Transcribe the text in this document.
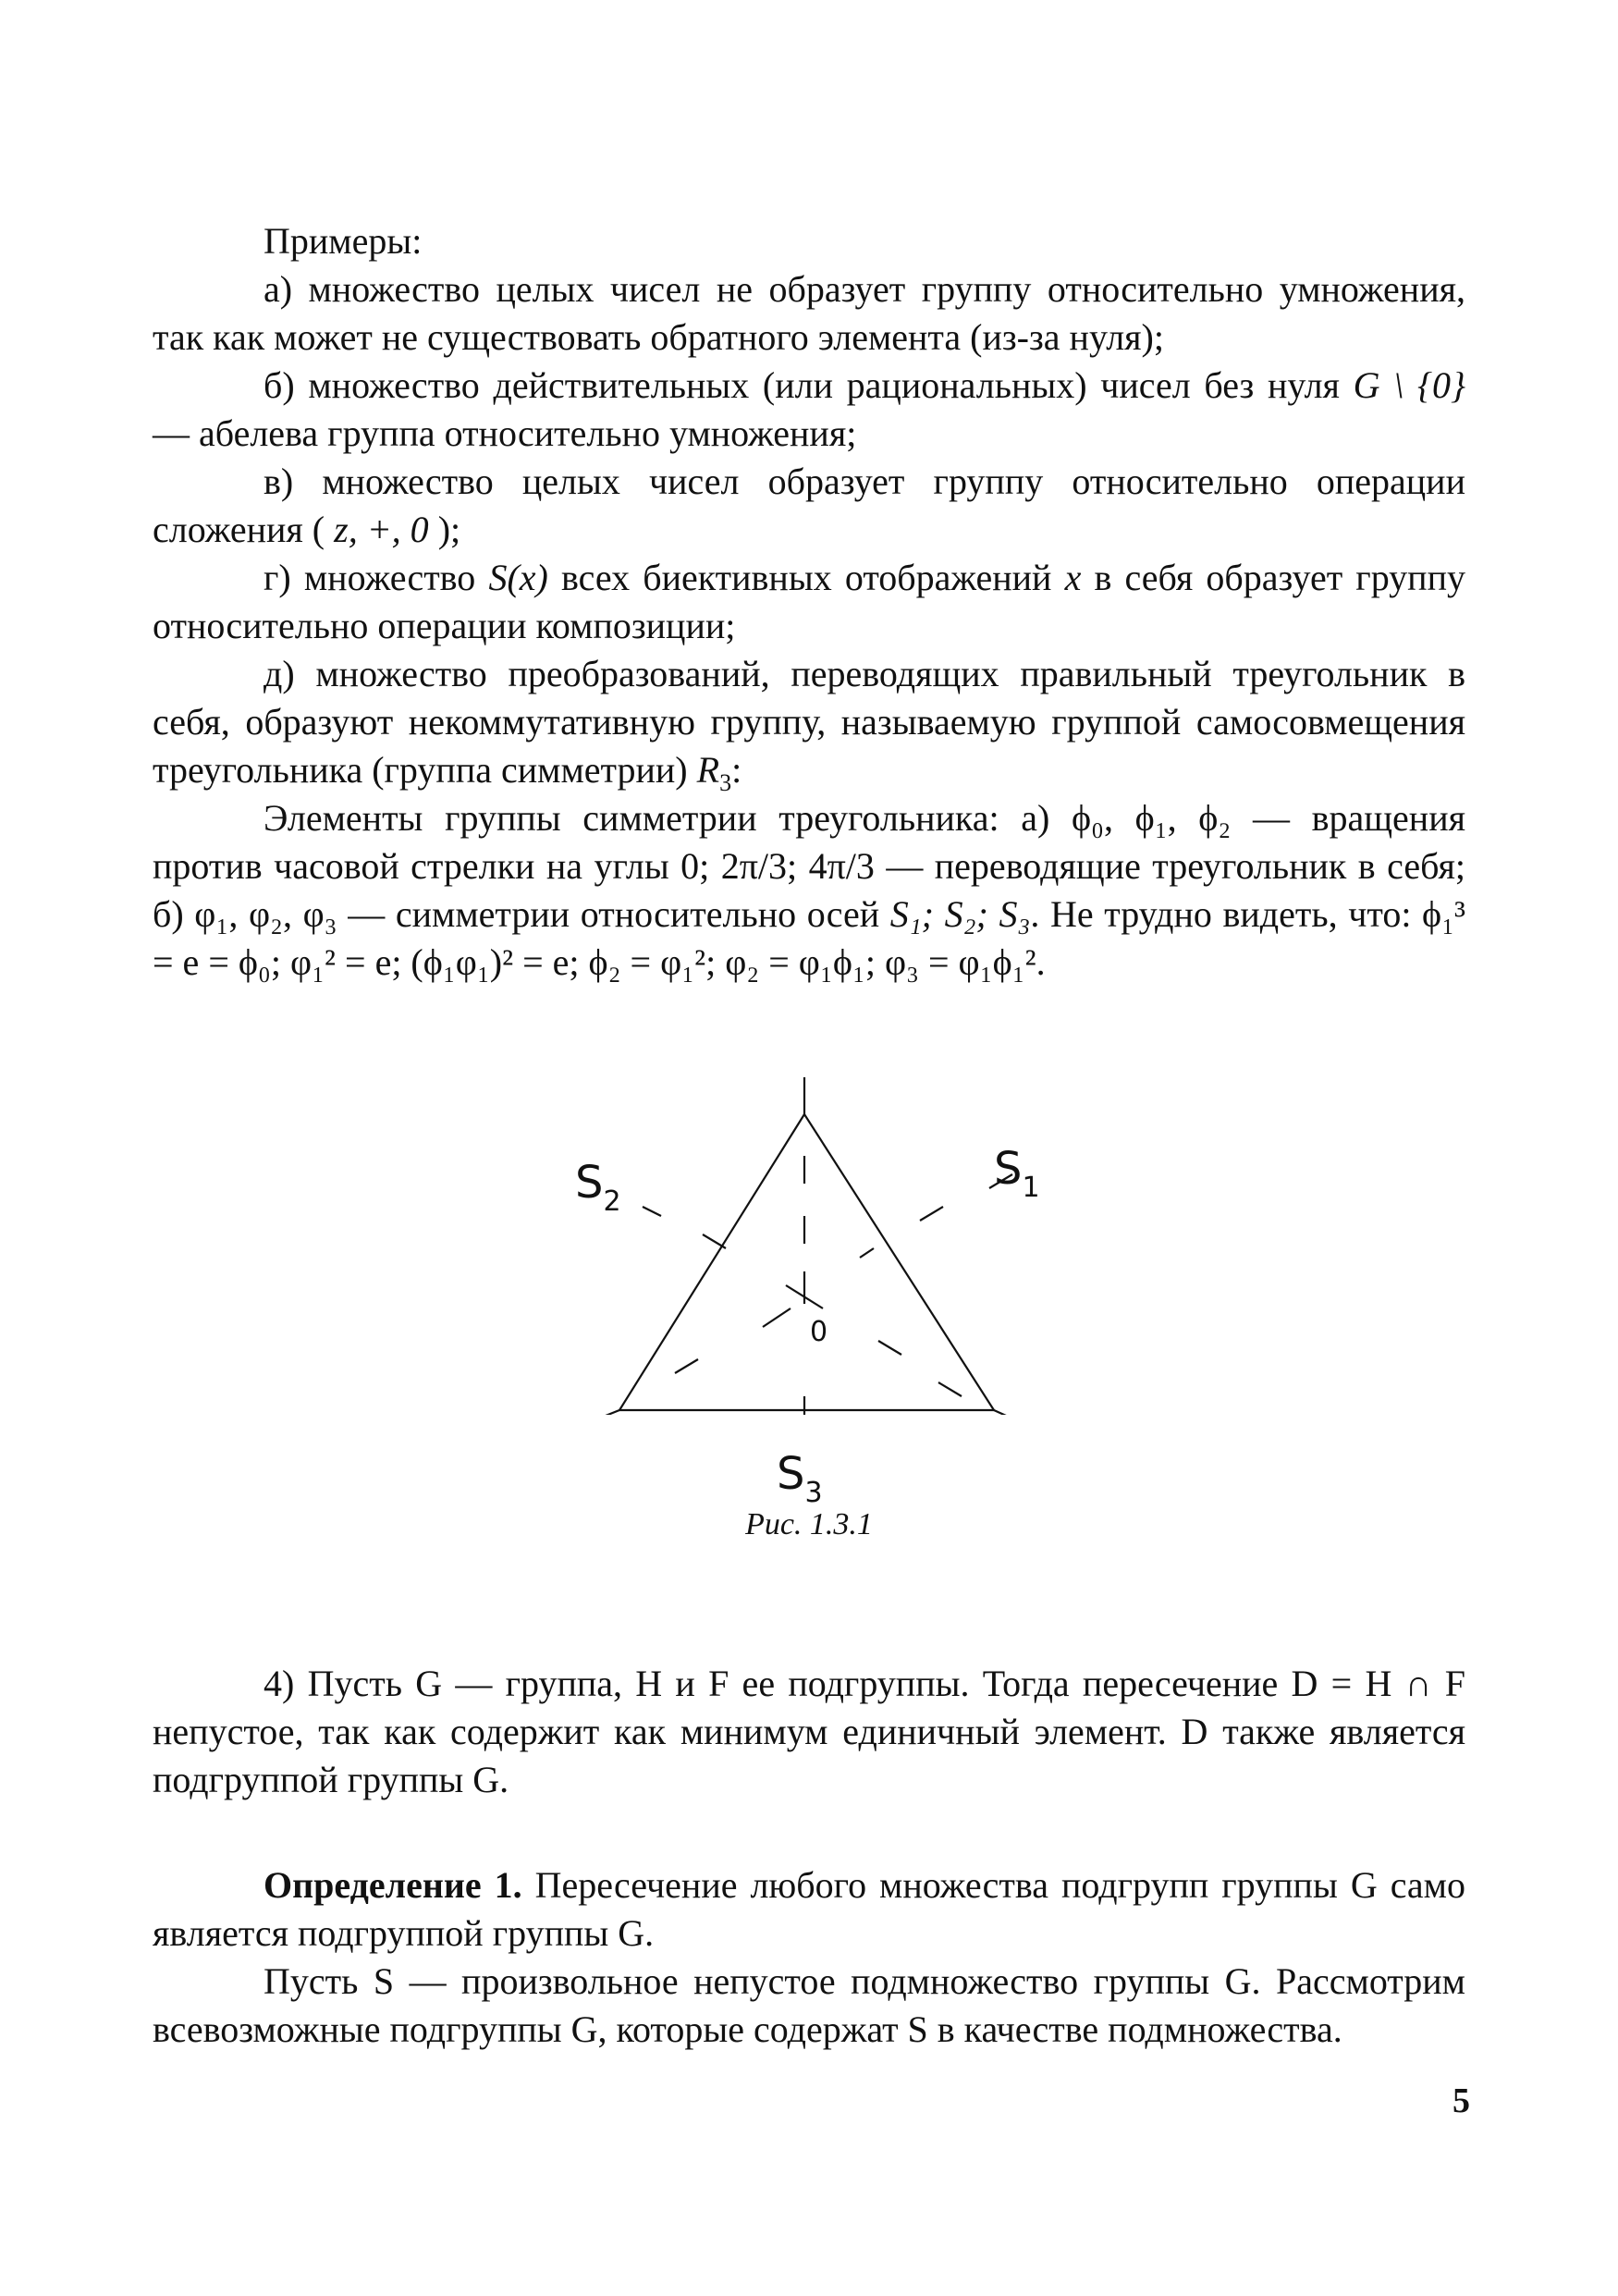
Примеры:

а) множество целых чисел не образует группу относительно умножения, так как может не существовать обратного элемента (из-за нуля);

б) множество действительных (или рациональных) чисел без нуля G \ {0} — абелева группа относительно умножения;

в) множество целых чисел образует группу относительно операции сложения ( z, +, 0 );

г) множество S(x) всех биективных отображений x в себя образует группу относительно операции композиции;

д) множество преобразований, переводящих правильный треугольник в себя, образуют некоммутативную группу, называемую группой самосовмещения треугольника (группа симметрии) $R_3$:

Элементы группы симметрии треугольника: а) ϕ₀, ϕ₁, ϕ₂ — вращения против часовой стрелки на углы 0; 2π/3; 4π/3 — переводящие треугольник в себя; б) φ₁, φ₂, φ₃ — симметрии относительно осей S₁; S₂; S₃. Не трудно видеть, что: ϕ₁³ = e = ϕ₀; φ₁² = e; (ϕ₁φ₁)² = e; ϕ₂ = φ₁²; φ₂ = φ₁ϕ₁; φ₃ = φ₁ϕ₁².

$S_2$
$S_1$
0
$S_3$
Рис. 1.3.1

4) Пусть G — группа, H и F ее подгруппы. Тогда пересечение D = H ∩ F непустое, так как содержит как минимум единичный элемент. D также является подгруппой группы G.

Определение 1. Пересечение любого множества подгрупп группы G само является подгруппой группы G.

Пусть S — произвольное непустое подмножество группы G. Рассмотрим всевозможные подгруппы G, которые содержат S в качестве подмножества.

5
